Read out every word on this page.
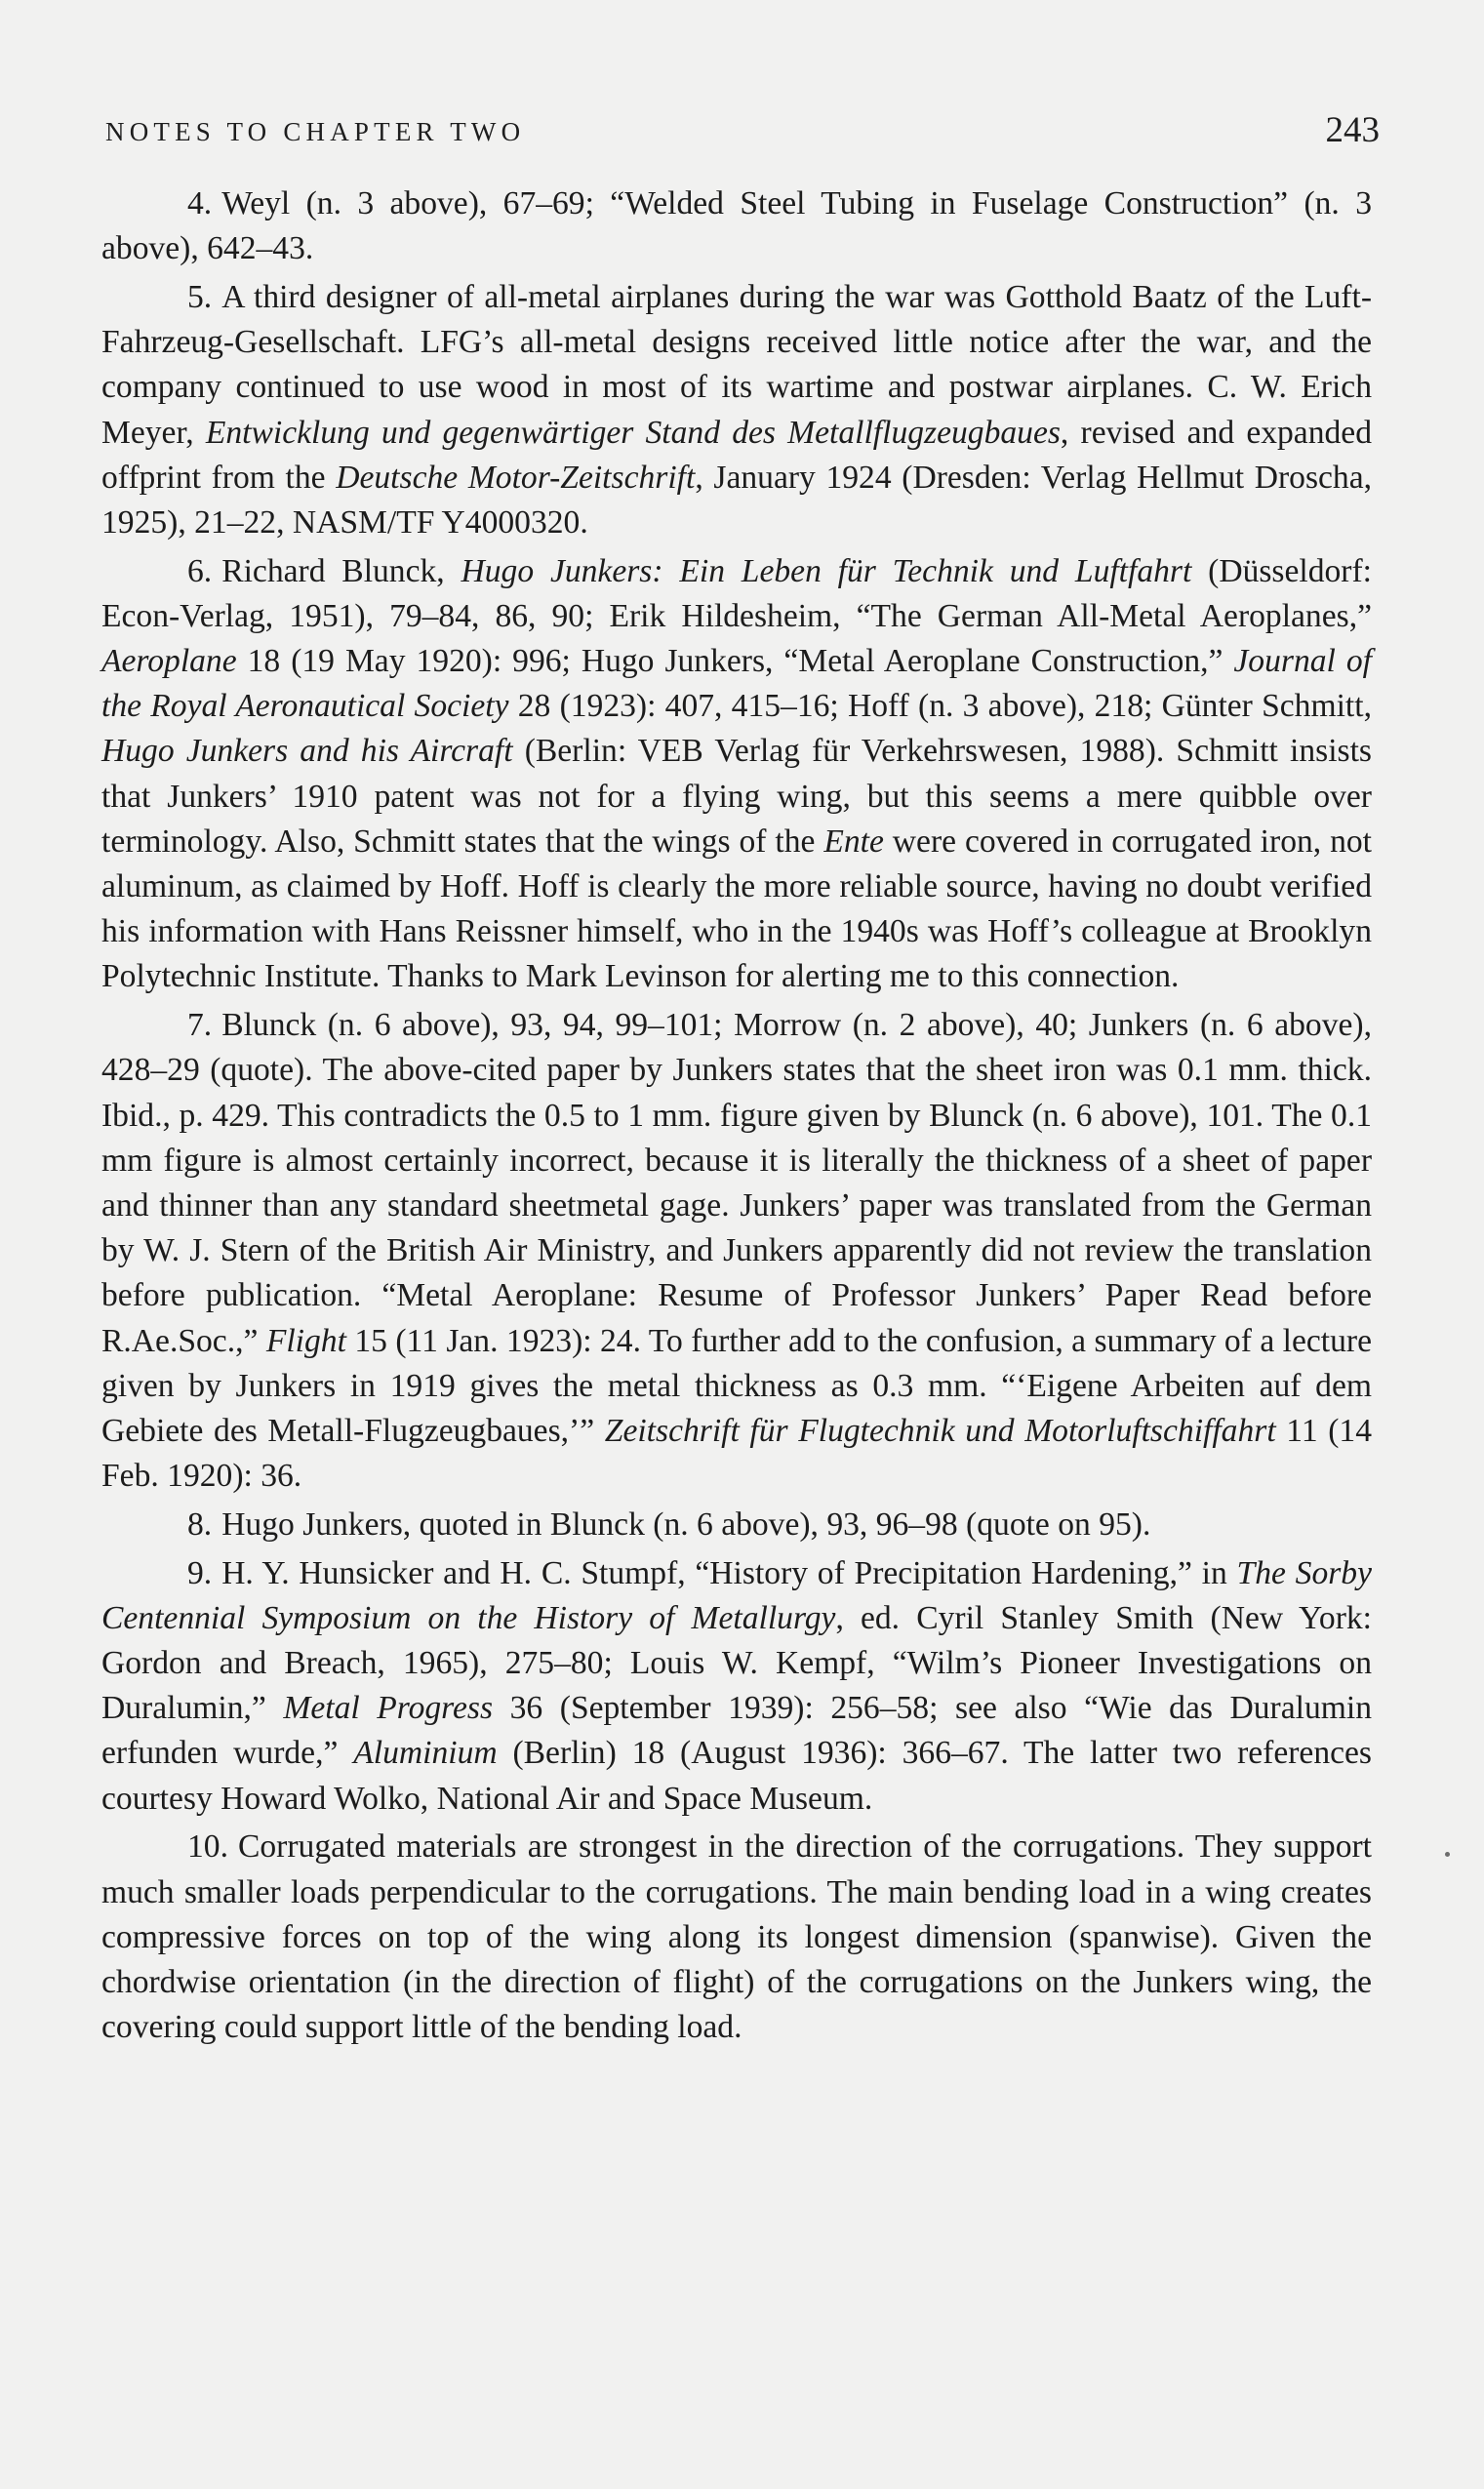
NOTES TO CHAPTER TWO	243

4. Weyl (n. 3 above), 67–69; “Welded Steel Tubing in Fuselage Construction” (n. 3 above), 642–43.

5. A third designer of all-metal airplanes during the war was Gotthold Baatz of the Luft-Fahrzeug-Gesellschaft. LFG’s all-metal designs received little notice after the war, and the company continued to use wood in most of its wartime and postwar airplanes. C. W. Erich Meyer, Entwicklung und gegenwärtiger Stand des Metallflugzeugbaues, revised and expanded offprint from the Deutsche Motor-Zeitschrift, January 1924 (Dresden: Verlag Hellmut Droscha, 1925), 21–22, NASM/TF Y4000320.

6. Richard Blunck, Hugo Junkers: Ein Leben für Technik und Luftfahrt (Düsseldorf: Econ-Verlag, 1951), 79–84, 86, 90; Erik Hildesheim, “The German All-Metal Aeroplanes,” Aeroplane 18 (19 May 1920): 996; Hugo Junkers, “Metal Aeroplane Construction,” Journal of the Royal Aeronautical Society 28 (1923): 407, 415–16; Hoff (n. 3 above), 218; Günter Schmitt, Hugo Junkers and his Aircraft (Berlin: VEB Verlag für Verkehrswesen, 1988). Schmitt insists that Junkers’ 1910 patent was not for a flying wing, but this seems a mere quibble over terminology. Also, Schmitt states that the wings of the Ente were covered in corrugated iron, not aluminum, as claimed by Hoff. Hoff is clearly the more reliable source, having no doubt verified his information with Hans Reissner himself, who in the 1940s was Hoff’s colleague at Brooklyn Polytechnic Institute. Thanks to Mark Levinson for alerting me to this connection.

7. Blunck (n. 6 above), 93, 94, 99–101; Morrow (n. 2 above), 40; Junkers (n. 6 above), 428–29 (quote). The above-cited paper by Junkers states that the sheet iron was 0.1 mm. thick. Ibid., p. 429. This contradicts the 0.5 to 1 mm. figure given by Blunck (n. 6 above), 101. The 0.1 mm figure is almost certainly incorrect, because it is literally the thickness of a sheet of paper and thinner than any standard sheetmetal gage. Junkers’ paper was translated from the German by W. J. Stern of the British Air Ministry, and Junkers apparently did not review the translation before publication. “Metal Aeroplane: Resume of Professor Junkers’ Paper Read before R.Ae.Soc.,” Flight 15 (11 Jan. 1923): 24. To further add to the confusion, a summary of a lecture given by Junkers in 1919 gives the metal thickness as 0.3 mm. “‘Eigene Arbeiten auf dem Gebiete des Metall-Flugzeugbaues,’” Zeitschrift für Flugtechnik und Motorluftschiffahrt 11 (14 Feb. 1920): 36.

8. Hugo Junkers, quoted in Blunck (n. 6 above), 93, 96–98 (quote on 95).

9. H. Y. Hunsicker and H. C. Stumpf, “History of Precipitation Hardening,” in The Sorby Centennial Symposium on the History of Metallurgy, ed. Cyril Stanley Smith (New York: Gordon and Breach, 1965), 275–80; Louis W. Kempf, “Wilm’s Pioneer Investigations on Duralumin,” Metal Progress 36 (September 1939): 256–58; see also “Wie das Duralumin erfunden wurde,” Aluminium (Berlin) 18 (August 1936): 366–67. The latter two references courtesy Howard Wolko, National Air and Space Museum.

10. Corrugated materials are strongest in the direction of the corrugations. They support much smaller loads perpendicular to the corrugations. The main bending load in a wing creates compressive forces on top of the wing along its longest dimension (spanwise). Given the chordwise orientation (in the direction of flight) of the corrugations on the Junkers wing, the covering could support little of the bending load.
